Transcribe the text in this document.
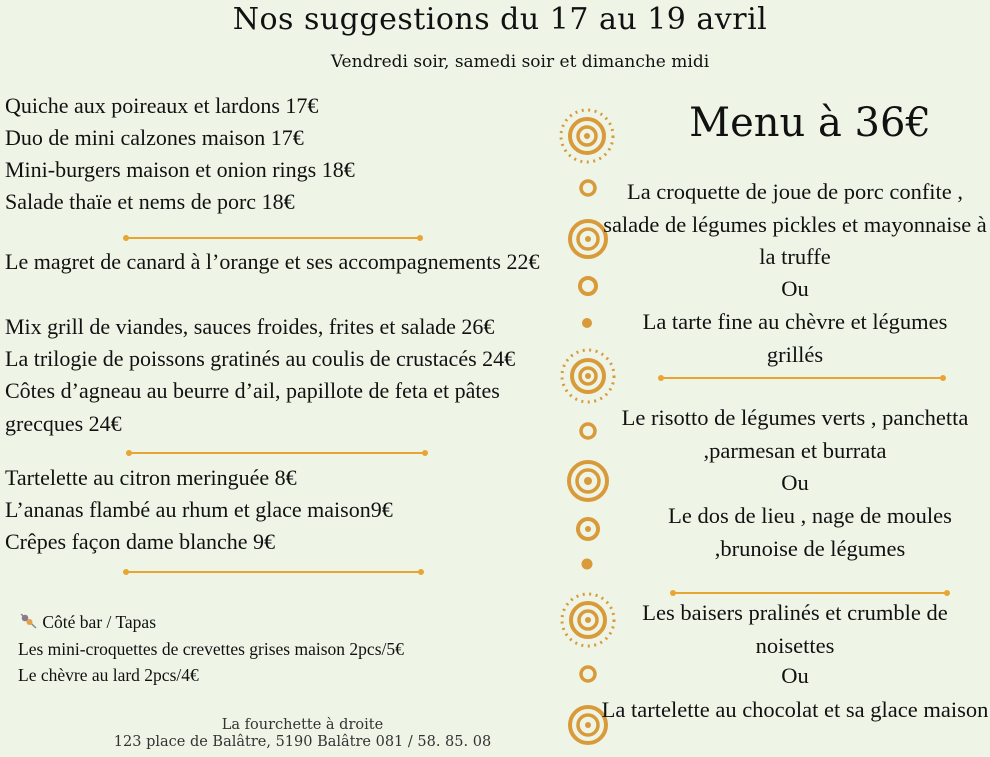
Nos suggestions du 17 au 19 avril
Vendredi soir, samedi soir et dimanche midi
Quiche aux poireaux et lardons 17€
Duo de mini calzones maison 17€
Mini-burgers maison et onion rings 18€
Salade thaïe et nems de porc 18€
Le magret de canard à l’orange et ses accompagnements 22€
Mix grill de viandes, sauces froides, frites et salade 26€
La trilogie de poissons gratinés au coulis de crustacés 24€
Côtes d’agneau au beurre d’ail, papillote de feta et pâtes grecques 24€
Tartelette au citron meringuée 8€
L’ananas flambé au rhum et glace maison9€
Crêpes façon dame blanche 9€
Côté bar / Tapas
Les mini-croquettes de crevettes grises maison 2pcs/5€
Le chèvre au lard 2pcs/4€
La fourchette à droite
123 place de Balâtre, 5190 Balâtre 081 / 58. 85. 08
Menu à 36€
La croquette de joue de porc confite , salade de légumes pickles et mayonnaise à la truffe
Ou
La tarte fine au chèvre et légumes grillés
Le risotto de légumes verts , panchetta ,parmesan et burrata
Ou
Le dos de lieu , nage de moules ,brunoise de légumes
Les baisers pralinés et crumble de noisettes
Ou
La tartelette au chocolat et sa glace maison
